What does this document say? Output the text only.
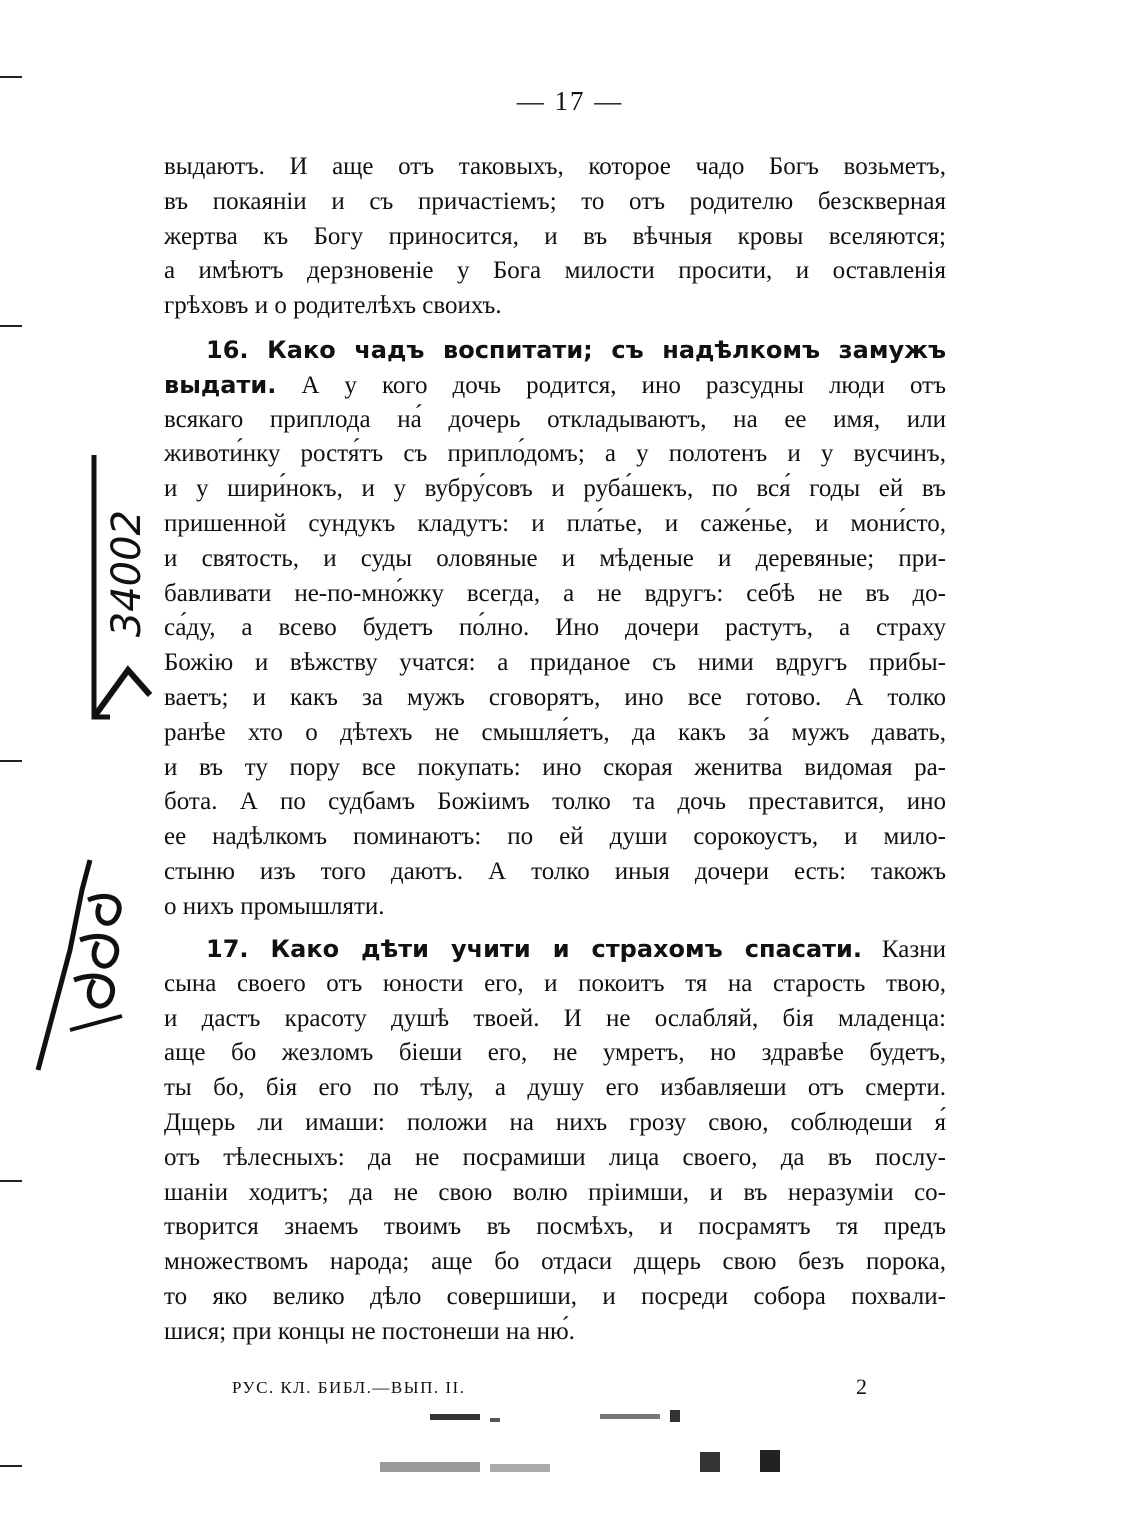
— 17 —
выдаютъ. И аще отъ таковыхъ, которое чадо Богъ возьметъ,
въ покаяніи и съ причастіемъ; то отъ родителю безскверная
жертва къ Богу приносится, и въ вѣчныя кровы вселяются;
а имѣютъ дерзновеніе у Бога милости просити, и оставленія
грѣховъ и о родителѣхъ своихъ.
16. Како чадъ воспитати; съ надѣлкомъ замужъ
выдати. А у кого дочь родится, ино разсудны люди отъ
всякаго приплода на́ дочерь откладываютъ, на ее имя, или
животи́нку ростя́тъ съ припло́домъ; а у полотенъ и у вусчинъ,
и у шири́нокъ, и у вубру́совъ и руба́шекъ, по вся́ годы ей въ
пришенной сундукъ кладутъ: и пла́тье, и саже́нье, и мони́сто,
и святость, и суды оловяные и мѣденые и деревяные; при-
бавливати не-по-мно́жку всегда, а не вдругъ: себѣ не въ до-
са́ду, а всево будетъ по́лно. Ино дочери растутъ, а страху
Божію и вѣжству учатся: а приданое съ ними вдругъ прибы-
ваетъ; и какъ за мужъ сговорятъ, ино все готово. А толко
ранѣе хто о дѣтехъ не смышля́етъ, да какъ за́ мужъ давать,
и въ ту пору все покупать: ино скорая женитва видомая ра-
бота. А по судбамъ Божіимъ толко та дочь преставится, ино
ее надѣлкомъ поминаютъ: по ей души сорокоустъ, и мило-
стыню изъ того даютъ. А толко иныя дочери есть: такожъ
о нихъ промышляти.
17. Како дѣти учити и страхомъ спасати. Казни
сына своего отъ юности его, и покоитъ тя на старость твою,
и дастъ красоту душѣ твоей. И не ослабляй, бія младенца:
аще бо жезломъ біеши его, не умретъ, но здравѣе будетъ,
ты бо, бія его по тѣлу, а душу его избавляеши отъ смерти.
Дщерь ли имаши: положи на нихъ грозу свою, соблюдеши я́
отъ тѣлесныхъ: да не посрамиши лица своего, да въ послу-
шаніи ходитъ; да не свою волю пріимши, и въ неразуміи со-
творится знаемъ твоимъ въ посмѣхъ, и посрамятъ тя предъ
множествомъ народа; аще бо отдаси дщерь свою безъ порока,
то яко велико дѣло совершиши, и посреди собора похвали-
шися; при концы не постонеши на ню́.
РУС. КЛ. БИБЛ.—ВЫП. II.	2
34002
